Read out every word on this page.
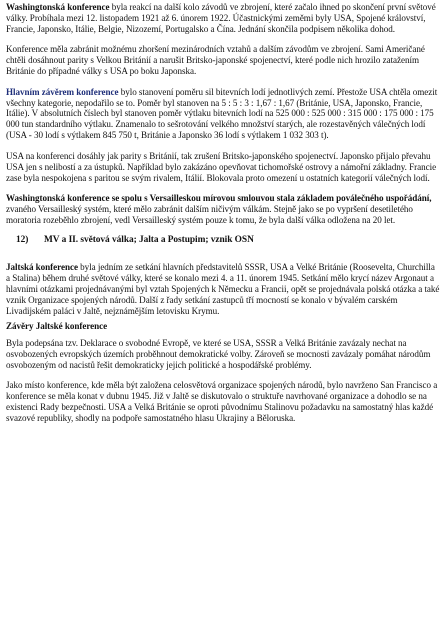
Washingtonská konference byla reakcí na další kolo závodů ve zbrojení, které začalo ihned po skončení první světové války. Probíhala mezi 12. listopadem 1921 až 6. únorem 1922. Účastnickými zeměmi byly USA, Spojené království, Francie, Japonsko, Itálie, Belgie, Nizozemí, Portugalsko a Čína. Jednání skončila podpisem několika dohod.

Konference měla zabránit možnému zhoršení mezinárodních vztahů a dalším závodům ve zbrojení. Sami Američané chtěli dosáhnout parity s Velkou Británií a narušit Britsko-japonské spojenectví, které podle nich hrozilo zatažením Británie do případné války s USA po boku Japonska.

Hlavním závěrem konference bylo stanovení poměru sil bitevních lodí jednotlivých zemí. Přestože USA chtěla omezit všechny kategorie, nepodařilo se to. Poměr byl stanoven na 5 : 5 : 3 : 1,67 : 1,67 (Británie, USA, Japonsko, Francie, Itálie). V absolutních číslech byl stanoven poměr výtlaku bitevních lodí na 525 000 : 525 000 : 315 000 : 175 000 : 175 000 tun standardního výtlaku. Znamenalo to sešrotování velkého množství starých, ale rozestavěných válečných lodí (USA - 30 lodí s výtlakem 845 750 t, Británie a Japonsko 36 lodí s výtlakem 1 032 303 t).

USA na konferenci dosáhly jak parity s Británií, tak zrušení Britsko-japonského spojenectví. Japonsko přijalo převahu USA jen s nelibostí a za ústupků. Například bylo zakázáno opevňovat tichomořské ostrovy a námořní základny. Francie zase byla nespokojena s paritou se svým rivalem, Itálií. Blokovala proto omezení u ostatních kategorií válečných lodí.

Washingtonská konference se spolu s Versailleskou mírovou smlouvou stala základem poválečného uspořádání, zvaného Versailleský systém, které mělo zabránit dalším ničivým válkám. Stejně jako se po vypršení desetiletého moratoria rozeběhlo zbrojení, vedl Versailleský systém pouze k tomu, že byla další válka odložena na 20 let.

12) MV a II. světová válka; Jalta a Postupim; vznik OSN

Jaltská konference byla jedním ze setkání hlavních představitelů SSSR, USA a Velké Británie (Roosevelta, Churchilla a Stalina) během druhé světové války, které se konalo mezi 4. a 11. únorem 1945. Setkání mělo krycí název Argonaut a hlavními otázkami projednávanými byl vztah Spojených k Německu a Francii, opět se projednávala polská otázka a také vznik Organizace spojených národů. Další z řady setkání zastupců tří mocností se konalo v bývalém carském Livadijském paláci v Jaltě, nejznámějším letovisku Krymu.

Závěry Jaltské konference

Byla podepsána tzv. Deklarace o svobodné Evropě, ve které se USA, SSSR a Velká Británie zavázaly nechat na osvobozených evropských územích proběhnout demokratické volby. Zároveň se mocnosti zavázaly pomáhat národům osvobozeným od nacistů řešit demokraticky jejich politické a hospodářské problémy.

Jako místo konference, kde měla být založena celosvětová organizace spojených národů, bylo navrženo San Francisco a konference se měla konat v dubnu 1945. Již v Jaltě se diskutovalo o struktuře navrhované organizace a dohodlo se na existenci Rady bezpečnosti. USA a Velká Británie se oproti původnímu Stalinovu požadavku na samostatný hlas každé svazové republiky, shodly na podpoře samostatného hlasu Ukrajiny a Běloruska.
